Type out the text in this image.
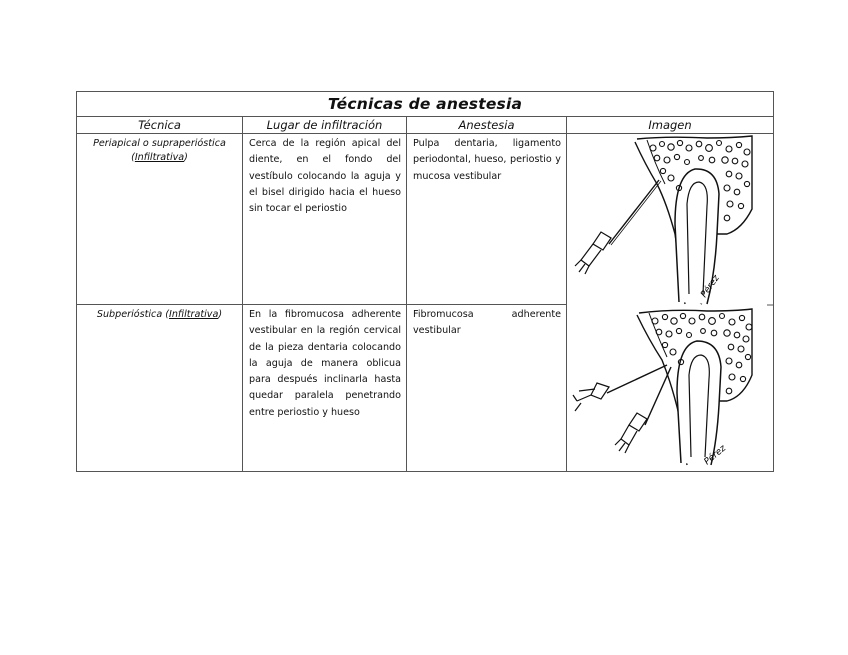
Técnicas de anestesia			
Técnica	Lugar de infiltración	Anestesia	Imagen
Periapical o supraperióstica
(Infiltrativa)	Cerca de la región apical del diente, en el fondo del vestíbulo colocando la aguja y el bisel dirigido hacia el hueso sin tocar el periostio	Pulpa dentaria, ligamento periodontal, hueso, periostio y mucosa vestibular	Pérez

Subperióstica (Infiltrativa)	En la fibromucosa adherente vestibular en la región cervical de la pieza dentaria colocando la aguja de manera oblicua para después inclinarla hasta quedar paralela penetrando entre periostio y hueso	Fibromucosa adherente vestibular	Pérez
